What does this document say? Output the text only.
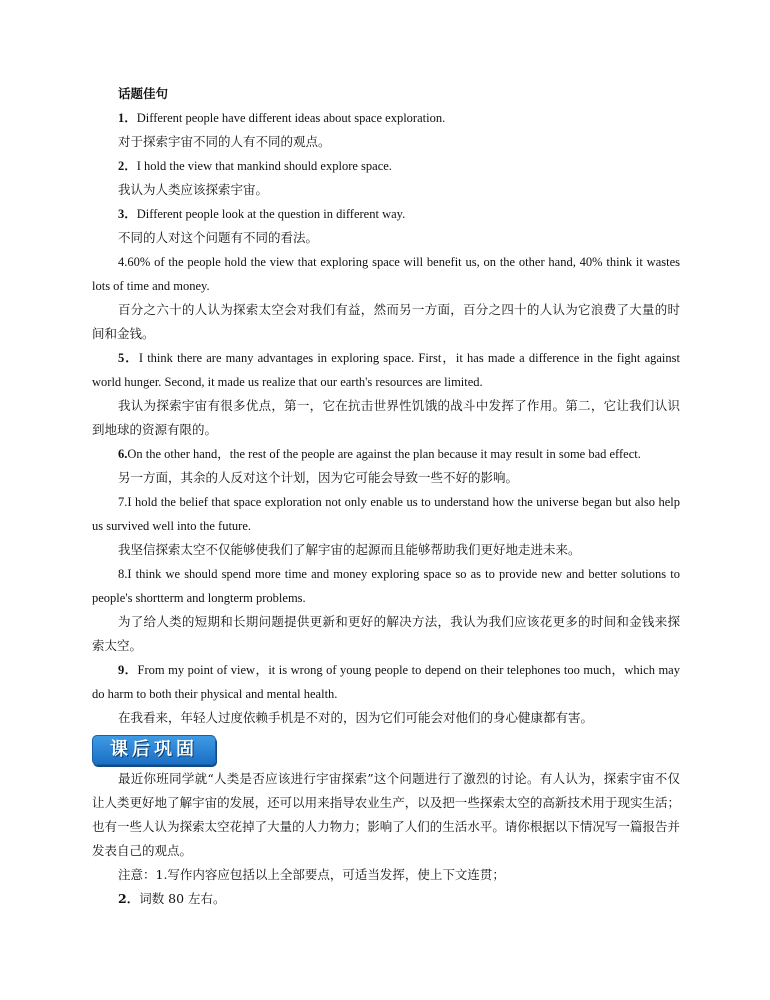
话题佳句

1．Different people have different ideas about space exploration.

对于探索宇宙不同的人有不同的观点。

2．I hold the view that mankind should explore space.

我认为人类应该探索宇宙。

3．Different people look at the question in different way.

不同的人对这个问题有不同的看法。

4.60% of the people hold the view that exploring space will benefit us, on the other hand, 40% think it wastes lots of time and money.

百分之六十的人认为探索太空会对我们有益，然而另一方面，百分之四十的人认为它浪费了大量的时间和金钱。

5．I think there are many advantages in exploring space. First，it has made a difference in the fight against world hunger. Second, it made us realize that our earth's resources are limited.

我认为探索宇宙有很多优点，第一，它在抗击世界性饥饿的战斗中发挥了作用。第二，它让我们认识到地球的资源有限的。

6.On the other hand，the rest of the people are against the plan because it may result in some bad effect.

另一方面，其余的人反对这个计划，因为它可能会导致一些不好的影响。

7.I hold the belief that space exploration not only enable us to understand how the universe began but also help us survived well into the future.

我坚信探索太空不仅能够使我们了解宇宙的起源而且能够帮助我们更好地走进未来。

8.I think we should spend more time and money exploring space so as to provide new and better solutions to people's shortterm and longterm problems.

为了给人类的短期和长期问题提供更新和更好的解决方法，我认为我们应该花更多的时间和金钱来探索太空。

9．From my point of view，it is wrong of young people to depend on their telephones too much，which may do harm to both their physical and mental health.

在我看来，年轻人过度依赖手机是不对的，因为它们可能会对他们的身心健康都有害。

课后巩固

最近你班同学就“人类是否应该进行宇宙探索”这个问题进行了激烈的讨论。有人认为，探索宇宙不仅让人类更好地了解宇宙的发展，还可以用来指导农业生产，以及把一些探索太空的高新技术用于现实生活；也有一些人认为探索太空花掉了大量的人力物力；影响了人们的生活水平。请你根据以下情况写一篇报告并发表自己的观点。

注意：1.写作内容应包括以上全部要点，可适当发挥，使上下文连贯；

2．词数 80 左右。
